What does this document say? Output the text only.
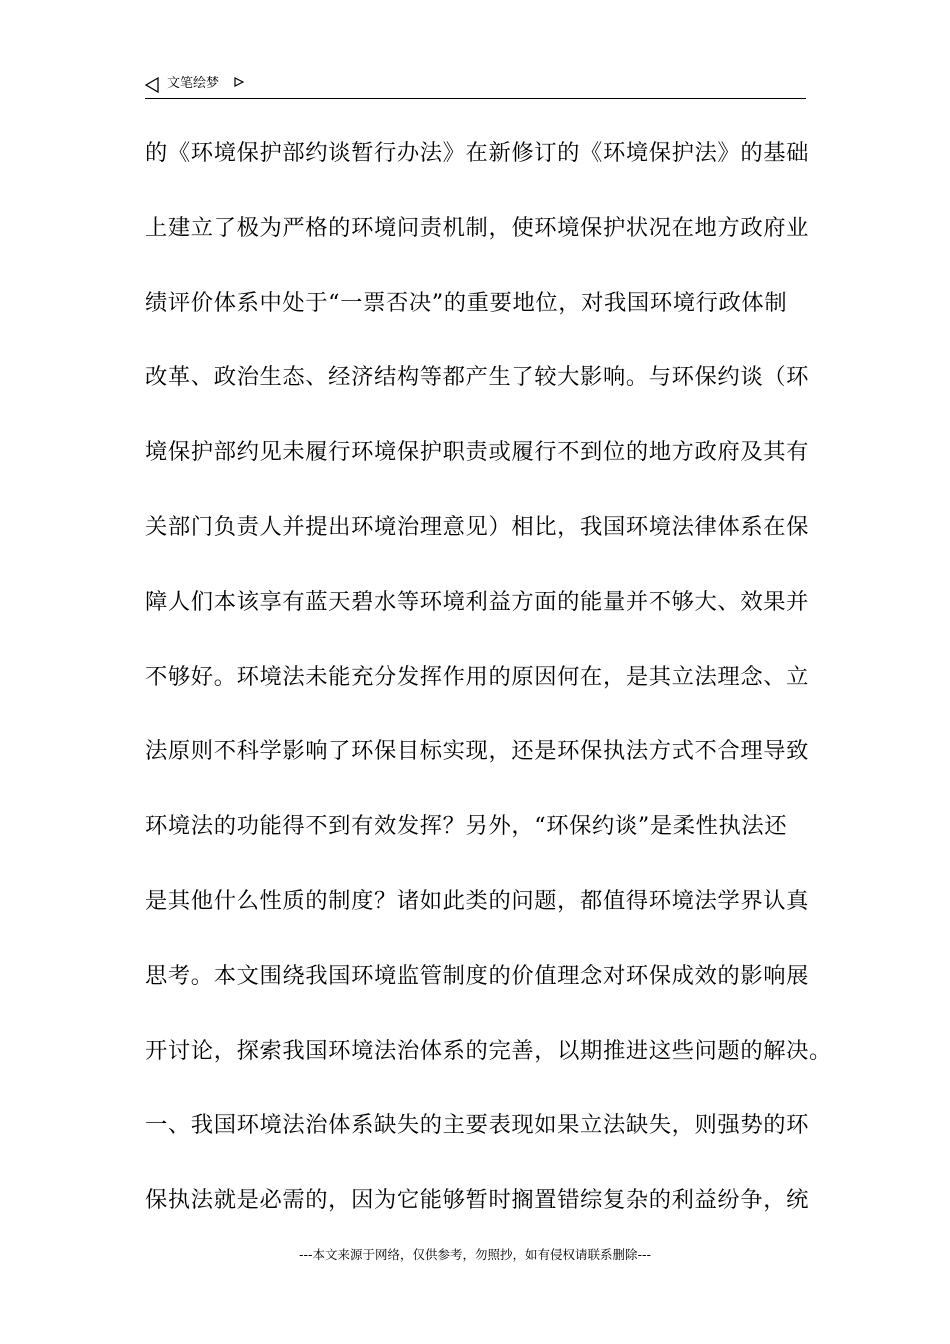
文笔绘梦
的《环境保护部约谈暂行办法》在新修订的《环境保护法》的基础
上建立了极为严格的环境问责机制，使环境保护状况在地方政府业
绩评价体系中处于“一票否决”的重要地位，对我国环境行政体制
改革、政治生态、经济结构等都产生了较大影响。与环保约谈（环
境保护部约见未履行环境保护职责或履行不到位的地方政府及其有
关部门负责人并提出环境治理意见）相比，我国环境法律体系在保
障人们本该享有蓝天碧水等环境利益方面的能量并不够大、效果并
不够好。环境法未能充分发挥作用的原因何在，是其立法理念、立
法原则不科学影响了环保目标实现，还是环保执法方式不合理导致
环境法的功能得不到有效发挥？另外，“环保约谈”是柔性执法还
是其他什么性质的制度？诸如此类的问题，都值得环境法学界认真
思考。本文围绕我国环境监管制度的价值理念对环保成效的影响展
开讨论，探索我国环境法治体系的完善，以期推进这些问题的解决。
一、我国环境法治体系缺失的主要表现如果立法缺失，则强势的环
保执法就是必需的，因为它能够暂时搁置错综复杂的利益纷争，统
---本文来源于网络，仅供参考，勿照抄，如有侵权请联系删除---
